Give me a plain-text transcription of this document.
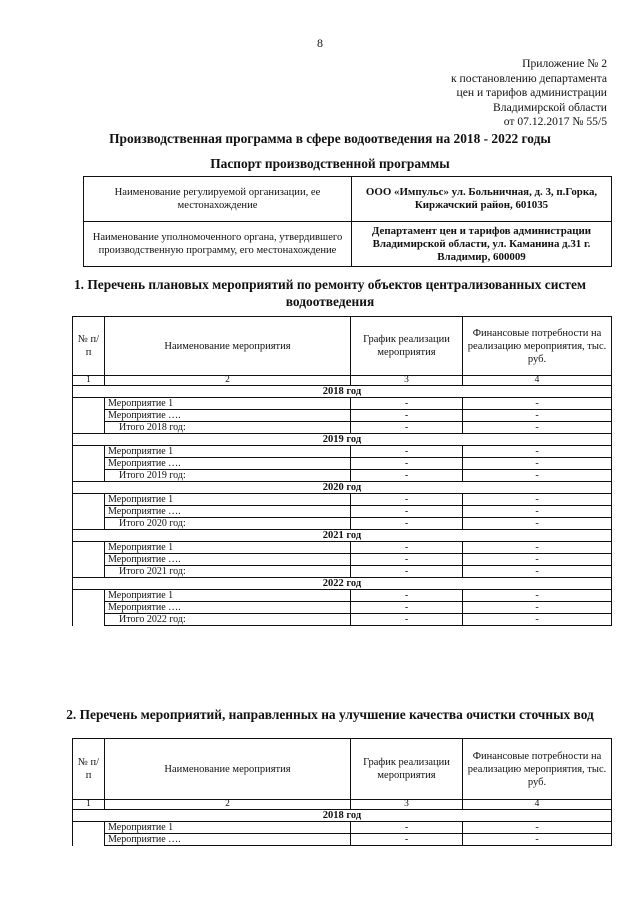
8
Приложение № 2
к постановлению департамента
цен и тарифов администрации
Владимирской области
от 07.12.2017 № 55/5
Производственная программа в сфере водоотведения на 2018 - 2022 годы
Паспорт производственной программы
Наименование регулируемой организации, ее местонахождение	ООО «Импульс» ул. Больничная, д. 3, п.Горка, Киржачский район, 601035
Наименование уполномоченного органа, утвердившего производственную программу, его местонахождение	Департамент цен и тарифов администрации Владимирской области, ул. Каманина д.31 г. Владимир, 600009
1. Перечень плановых мероприятий по ремонту объектов централизованных систем водоотведения
№ п/п	Наименование мероприятия	График реализации мероприятия	Финансовые потребности на реализацию мероприятия, тыс. руб.
1	2	3	4
2018 год			
	Мероприятие 1	-	-
	Мероприятие ….	-	-
	Итого 2018 год:	-	-
2019 год			
	Мероприятие 1	-	-
	Мероприятие ….	-	-
	Итого 2019 год:	-	-
2020 год			
	Мероприятие 1	-	-
	Мероприятие ….	-	-
	Итого 2020 год:	-	-
2021 год			
	Мероприятие 1	-	-
	Мероприятие ….	-	-
	Итого 2021 год:	-	-
2022 год			
	Мероприятие 1	-	-
	Мероприятие ….	-	-
	Итого 2022 год:	-	-
2. Перечень мероприятий, направленных на улучшение качества очистки сточных вод
№ п/п	Наименование мероприятия	График реализации мероприятия	Финансовые потребности на реализацию мероприятия, тыс. руб.
1	2	3	4
2018 год			
	Мероприятие 1	-	-
	Мероприятие ….	-	-
